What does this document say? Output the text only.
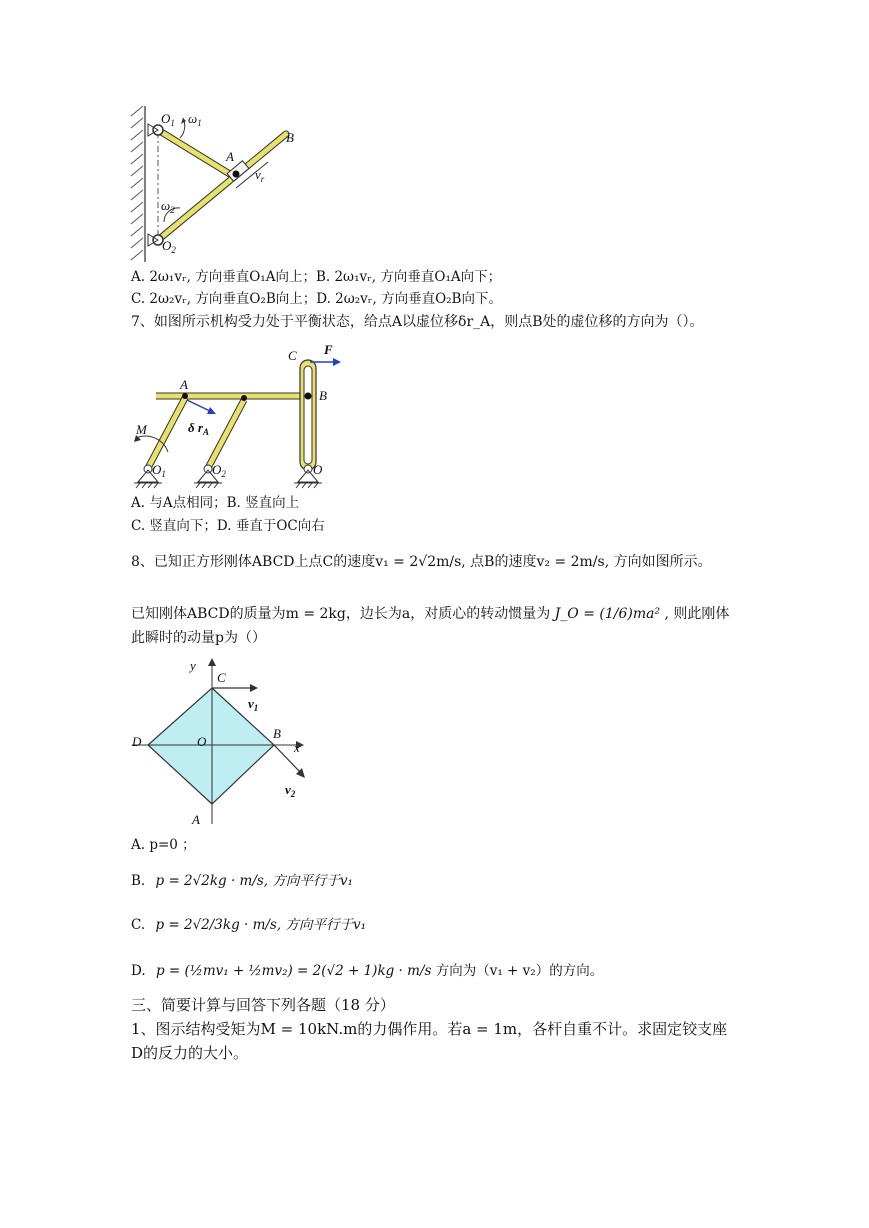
$O_1$ $\omega_1$
A
B
$v_r$
$\omega_2$
$O_2$
A. 2ω₁vᵣ, 方向垂直O₁A向上；B. 2ω₁vᵣ, 方向垂直O₁A向下；
C. 2ω₂vᵣ, 方向垂直O₂B向上；D. 2ω₂vᵣ, 方向垂直O₂B向下。
7、如图所示机构受力处于平衡状态，给点A以虚位移δr_A，则点B处的虚位移的方向为（）。
C F
A
B
M	δ $r_A$
$O_1$	$O_2$	O
A. 与A点相同；B. 竖直向上
C. 竖直向下；D. 垂直于OC向右
8、已知正方形刚体ABCD上点C的速度v₁ = 2√2m/s, 点B的速度v₂ = 2m/s, 方向如图所示。
已知刚体ABCD的质量为m = 2kg，边长为a，对质心的转动惯量为 J_O = (1/6)ma² , 则此刚体
此瞬时的动量p为（）
y
C
$v_1$
D	O
B
x
A
$v_2$
A. p=0 ；
B. p = 2√2kg · m/s, 方向平行于v₁
C. p = 2√2/3kg · m/s, 方向平行于v₁
D. p = (½mv₁ + ½mv₂) = 2(√2 + 1)kg · m/s 方向为（v₁ + v₂）的方向。
三、简要计算与回答下列各题（18 分）
1、图示结构受矩为M = 10kN.m的力偶作用。若a = 1m，各杆自重不计。求固定铰支座
D的反力的大小。
